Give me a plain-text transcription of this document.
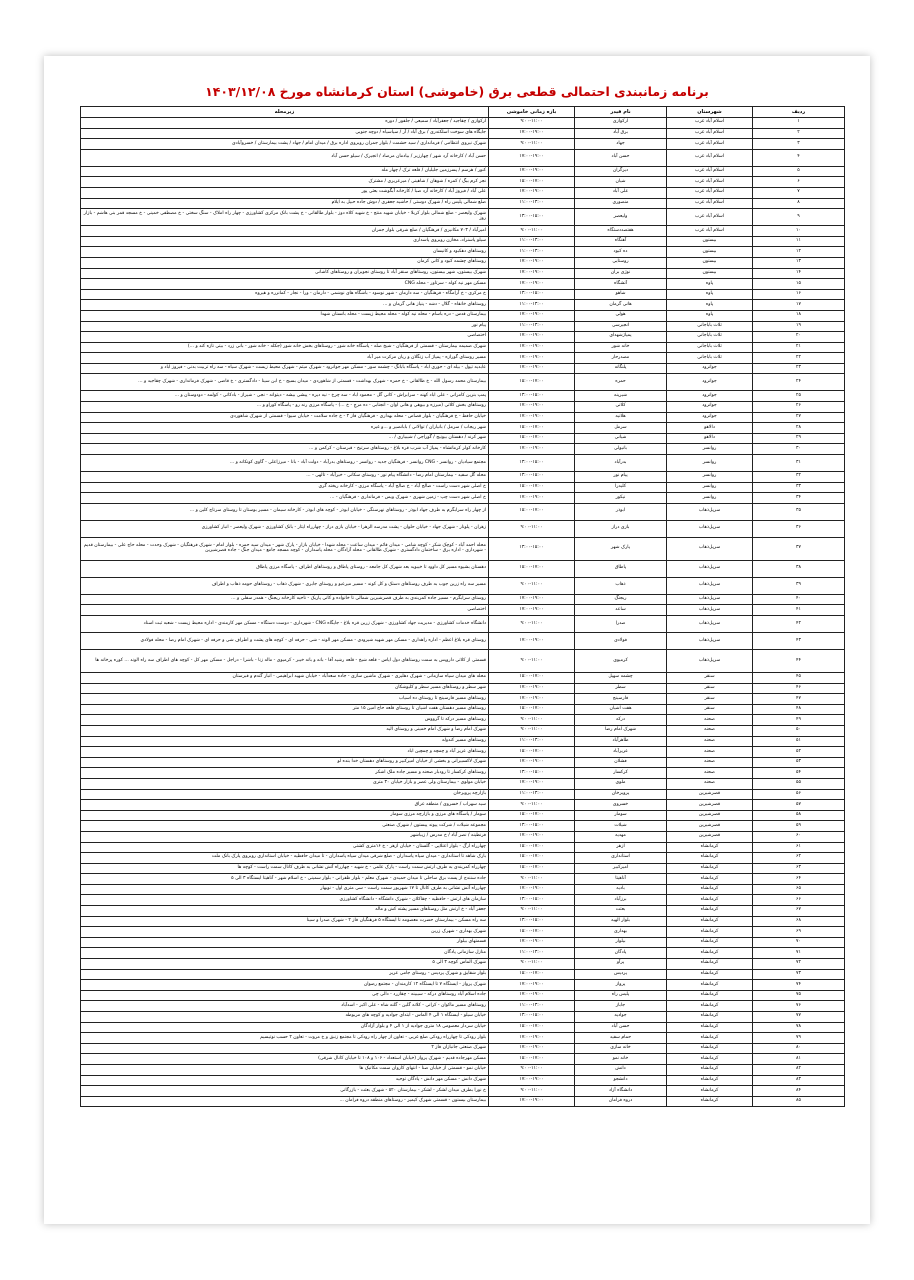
برنامه زمانبندی احتمالی قطعی برق (خاموشی) استان کرمانشاه مورخ ۱۴۰۳/۱۲/۰۸
ردیف	شهرستان	نام فیدر	بازه زمانی خاموشی	زیرمحله
۱	اسلام آباد غرب	ارکوازی	۹:۰۰-۱۱:۰۰	ارکوازی / چقاجید / جعفرآباد / سمیعی / جلفور / دوره
۲	اسلام آباد غرب	برق آباد	۱۷:۰۰-۱۹:۰۰	جایگاه های سوخت اسلکندری / برق آباد / آر / سیاسیاه / دوچه جنوبی
۳	اسلام آباد غرب	جهاد	۹:۰۰-۱۱:۰۰	شهرک نیروی انتظامی / فرمانداری / سید حشمت / بلوار جمران روبروی اداره برق / میدان امام / جهاد / پشت بیمارستان / خسروآبادی
۴	اسلام آباد غرب	حسن آباد	۱۷:۰۰-۱۹:۰۰	حسن آباد / کارخانه آرد شهر / چهارزبر / بیادمان مرصاد / انجیرک / سیلو حسن آباد
۵	اسلام آباد غرب	دیزگران	۱۷:۰۰-۱۹:۰۰	کنور / هرسم / پسرزمین جلیلیان / قلعه ترک / چهار مله
۶	اسلام آباد غرب	شیان	۱۵:۰۰-۱۷:۰۰	نجر کرم بیگ / کمره / شوهان / شاهینی / میرعزیزی / مشترک
۷	اسلام آباد غرب	علی آباد	۱۷:۰۰-۱۹:۰۰	علی آباد / فیروز آباد / کارخانه آرد صبا / کارخانه آبگوشت بعثی پور
۸	اسلام آباد غرب	منصوری	۱۱:۰۰-۱۳:۰۰	ضلع شمالی پلیس راه / شهرک دوستی / حاشیه جعفری / دوش جاده حبیل به ایلام
۹	اسلام آباد غرب	ولیعصر	۱۳:۰۰-۱۵:۰۰	شهرک ولیعصر - ضلع شمالی بلوار کربلا - خیابان شهید منتج - خ شهید کلاه دوز - بلوار طالقانی - خ پشت بانک مرکزی کشاورزی - چهار راه املاک - سنگ سختی - خ مصطفی خمینی - خ مسجد قمر بنی هاشم - بازار روز
۱۰	اسلام آباد غرب	هفتصددستگاه	۹:۰۰-۱۱:۰۰	امیرآباد / ۷۰۳ مکانیزی / فرهنگیان / ضلع شرقی بلوار جمران
۱۱	بیستون	آهنگاه	۱۱:۰۰-۱۳:۰۰	سیلو پاسنراد، مخازن روبروی پاسداری
۱۲	بیستون	ده کبود	۱۱:۰۰-۱۳:۰۰	روستاهای دهکبود و کانیسان
۱۳	بیستون	روستایی	۱۷:۰۰-۱۹:۰۰	روستاهای چشمه کبود و کانی کرمان
۱۴	بیستون	نوژی بران	۱۷:۰۰-۱۹:۰۰	شهرک بیستون، شهر بیستون، روستاهای سنقر آباد تا روستای نجوبران و روستاهای کاشانی
۱۵	پاوه	آتشگاه	۱۷:۰۰-۱۹:۰۰	مسکن مهر نیه کوله - سرتاور - محله CNG
۱۶	پاوه	شاهو	۱۳:۰۰-۱۵:۰۰	خ مرکزی - خ آرامگاه - فرهنگیان - سه دارمان - شهر نوسود - باشگاه های نوشمی - دارمان - ورا - نجار - کمانزره و هیروه
۱۷	پاوه	هانی گرمان	۱۱:۰۰-۱۳:۰۰	روستاهای خانقاه - گلال - دشه - پنیاز هانی گرمان و ...
۱۸	پاوه	هولی	۱۷:۰۰-۱۹:۰۰	بیمارستان قدس - دره باسام - محله نیه کوله - محله محیط زیست - محله بانستان شهدا
۱۹	ثلاث باباجانی	انجیرسی	۱۱:۰۰-۱۳:۰۰	پیام نور
۲۰	ثلاث باباجانی	پمپاژشهدای	۱۷:۰۰-۱۹:۰۰	اختصاصی
۲۱	ثلاث باباجانی	خانه شور	۱۷:۰۰-۱۹:۰۰	شهرک ضمیمه بیمارستان - قسمتی از فرهنگیان - شیخ صله - پاسگاه خانه شور - روستاهای بخش خانه شور (جکله - خانه شور - بانی زرد - بیتی تازه کند و ...)
۲۲	ثلاث باباجانی	مصدرحار	۱۷:۰۰-۱۹:۰۰	مسیر روستای گورازه - پمپاژ آب زنگلان و ریان مرکزت میر آباد
۲۳	جوانرود	پلنگانه	۱۷:۰۰-۱۹:۰۰	عابدیه تپول - بیله ای - حوری اباد - پاسگاه بابانگ - چشمه سور - مسکن مهر جوانرود - شهرک میثم - شهرک محیط زیست - شهرک سیاه - سه راه تربیت بدنی - فیروز اباد و
۲۴	جوانرود	حمزه	۱۵:۰۰-۱۷:۰۰	بیمارستان محمد رسول الله - خ طالقانی - خ حمزه - شهرک بهداشت - قسمتی از شاهوردی - میدان بسیج - خ ابن سینا - دادگستری - خ قاضی - شهرک فرمانداری - شهرک چقاجید و ...
۲۵	جوانرود	شیرینه	۱۳:۰۰-۱۵:۰۰	پمپ بنزین کامرانی - علی اباد کهنه - سرابراش - کانی گل - محمود اباد - سه چرخ - نیه دیره - پیشی بیشه - دیتوانه - نجی - شیراز - بادکاتی - کولمه - دودوستان و ...
۲۶	جوانرود	کلاتی	۱۷:۰۰-۱۹:۰۰	روستاهای بخش کلاتی (میرزه و بیوهی و هانی اوان - انجنابی - ده مرچ - خ ...) - پاسگاه مرزی رنه رو - پاسگاه کوراو و ...
۲۷	جوانرود	هلانیه	۱۷:۰۰-۱۹:۰۰	خیابان حافظ - خ فرهنگیان - بلوار قصاص - محله بهداری - فرهنگیان فاز ۲ - خ جاده سلامت - خیابان سیوا - قسمتی از شهرک شاهوردی
۲۸	دالاهو	سرمل	۱۵:۰۰-۱۷:۰۰	شهر ریجاب / سرمل / بانیاران / توالانی / بابانصیر و ...و غیره
۲۹	دالاهو	شیانی	۱۵:۰۰-۱۷:۰۰	شهر کرند / دهستان بیونیج / گوراجی / شیبیاری / ...
۳۰	روانسر	بانیولی	۱۷:۰۰-۱۹:۰۰	کارخانه کولر کرمانشاه - پمپاژ آب شرب قره بلاغ - روستاهای سرتیخ - قبرستان - کرکمن و ...
۳۱	روانسر	بدرآباد	۱۳:۰۰-۱۵:۰۰	مجتمع سیادیان - روانسر - CNG روانسر - فرهنگیان جدید - روانسر - روستاهای بدرآباد - دولت آباد - بانا - میرزاعلی - گاوی کونکانه و ...
۳۲	روانسر	پیام نور	۱۳:۰۰-۱۵:۰۰	محله گل سفید - بیمارستان امام رضا - دانشگاه پیام نور - روستای سکانی - خیرآباد - تالهی - ...
۳۳	روانسر	کلیدرا	۱۵:۰۰-۱۷:۰۰	خ اصلی شهر دست راست - صالح آباد - خ صالح آباد - پاسگاه مرزی - کارخانه ریخته گری
۳۴	روانسر	نیکور	۱۷:۰۰-۱۹:۰۰	خ اصلی شهر دست چپ - زمین شهری - شهرک ویس - فرمانداری - فرهنگیان - ...
۳۵	سرپل‌ذهاب	ابوذر	۱۵:۰۰-۱۷:۰۰	از چهار راه سرابگرم به طرف جهاد ابوذر - روستاهای نهرسنگی - خیابان ابوذر - کوچه های ابوذر - کارخانه سیمان - مسیر بوستان تا روستای سرتاج کلین و ...
۳۶	سرپل‌ذهاب	بازی دراز	۹:۰۰-۱۱:۰۰	زهران - پلونار - شهرک جهاد - خیابان حلوان - پشت مدرسه الزهرا - خیابان بازی دراز - چهارراه ایثار - بانک کشاورزی - شهرک ولیعصر - انبار کشاورزی
۳۷	سرپل‌ذهاب	پارک شهر	۱۳:۰۰-۱۵:۰۰	محله احمد آباد - کوچک شکر - کوچه شامی - میدان قائم - میدان ساعت - محله شهدا - خیابان بازار - پارک شهر - میدان سید حمزه - بلوار امام - شهرک فرهنگیان - شهرک وحدت - محله حاج علی - بیمارستان قدیم - شهرداری - اداره برق - ساختمان دادگستری - شهرک طالقانی - محله آزادگان - محله پاسداران - کوچه مسجد جامع - میدان جنگ - جاده قصرشیرین
۳۸	سرپل‌ذهاب	پاطاق	۱۵:۰۰-۱۷:۰۰	دهستان بشیوه مسیر کل داوود تا خیبوید بعد شهرک کل جامعه - روستای پاطاق و روستاهای اطراف - پاسگاه مرزی پاطاق
۳۹	سرپل‌ذهاب	ذهاب	۹:۰۰-۱۱:۰۰	مسیر سه راه زرین جوب به طرف روستاهای دستک و کل کوند - مسیر میرعبو و روستای جابری - شهرک ذهاب - روستاهای حومه ذهاب و اطراف
۴۰	سرپل‌ذهاب	ریجنگ	۱۷:۰۰-۱۹:۰۰	روستای سرابگرم - مسیر جاده کمربندی به طرف قصرشیرین شمالی تا خانواده و کانی پاریک - ناحیه کارخانه ریجنگ - همدر سفلی و ...
۴۱	سرپل‌ذهاب	ساعد	۱۷:۰۰-۱۹:۰۰	اختصاصی
۴۲	سرپل‌ذهاب	صدرا	۹:۰۰-۱۱:۰۰	دانشگاه خدمات کشاورزی - مدیریت جهاد کشاورزی - شهرک زرین قره بلاغ - جایگاه CNG - شهرداری - دوست دستگاه - مسکن مهر کارمندی - اداره محیط زیست - شعبه ثبت اسناد
۴۳	سرپل‌ذهاب	فولادی	۱۷:۰۰-۱۹:۰۰	روستای قره بلاغ اعظم - اداره راهداری - مسکن مهر شهید شیرودی - مسکن مهر الوند - شی - حرفه ای - کوچه های پشت و اطراف شی و حرفه ای - شهرک امام رضا - محله فولادی
۴۴	سرپل‌ذهاب	کرمیوی	۹:۰۰-۱۱:۰۰	قسمتی از کلاتی داروپس به سمت روستاهای دول ایاس - قلعه شیخ - قلعه رشید آقا - بانه و بانه خیبر - کرمیوی - ماله زنا - باشرا - دراجل - مسکن مهر کل - کوچه های اطراف سه راه الوند ... کوره پزخانه ها
۴۵	سنقر	چشمه سهیل	۱۵:۰۰-۱۷:۰۰	محله های میدان سپاه سازمانی - شهرک دهلیزی - شهرک ماشین سازی - جاده سعدآباد - خیابان شهید ابراهیمی - انبار گندم و قبرستان
۴۶	سنقر	سطر	۱۷:۰۰-۱۹:۰۰	شهر سطر و روستاهای مسیر سطر و کلیوشکان
۴۷	سنقر	فارسینج	۱۷:۰۰-۱۹:۰۰	روستاهای مسیر فارسینج تا روستای ده اسیاب
۴۸	سنقر	هفت اشیان	۱۵:۰۰-۱۷:۰۰	روستاهای مسیر دهستان هفت اشیان تا روستای قلعه حاج امین ۱۵ متر
۴۹	صحنه	درکه	۹:۰۰-۱۱:۰۰	روستاهای مسیر درکه تا گرووس
۵۰	صحنه	شهرک امام رضا	۹:۰۰-۱۱:۰۰	شهرک امام رضا و شهرک امام خمینی و روستای الیه
۵۱	صحنه	طاهرآباد	۱۱:۰۰-۱۳:۰۰	روستاهای مسیر کندوله
۵۲	صحنه	عزیزآباد	۱۵:۰۰-۱۷:۰۰	روستاهای عزیز آباد و چمچه و چمچین اباد
۵۳	صحنه	فشلان	۱۷:۰۰-۱۹:۰۰	شهرک لاکسبیرانی و بخشی از خیابان امیرکبیر و روستاهای دهستان خدا بنده لو
۵۴	صحنه	کرکسار	۱۳:۰۰-۱۵:۰۰	روستاهای کرکسار تا رودبار صحنه و مسیر جاده ملک اشکر
۵۵	صحنه	ملوی	۱۷:۰۰-۱۹:۰۰	خیابان مولوی - بیمارستان ولی عصر و بازار خیابان ۳۰ متری
۵۶	قصرشیرین	پرویزخان	۱۱:۰۰-۱۳:۰۰	بازارچه پرویزخان
۵۷	قصرشیرین	خسروی	۹:۰۰-۱۱:۰۰	سید سهراب / خسروی / منطقه عراق
۵۸	قصرشیرین	سومار	۱۵:۰۰-۱۷:۰۰	سومار / پاسگاه های مرزی و بازارچه مرزی سومار
۵۹	قصرشیرین	شیلات	۱۳:۰۰-۱۵:۰۰	مجموعه شیلات / شرکت پیوند پیستون / شهرک صنعتی
۶۰	قصرشیرین	مهدیه	۱۷:۰۰-۱۹:۰۰	فرنطینه / نصر آباد / خ مدرس / زیباشهر
۶۱	کرمانشاه	ازهر	۱۵:۰۰-۱۷:۰۰	چهارراه ارگ - بلوار اعتلاپی - گلستان - خیابان ازهر - خ ۱۶متری کشتی
۶۲	کرمانشاه	استانداری	۱۵:۰۰-۱۷:۰۰	بارک شاهد تا استانداری - میدان سپاه پاسداران - ضلع شرقی میدان سپاه پاسداران - تا میدان حافظیه - خیابان استانداری روبروی پارک بانک ملت
۶۳	کرمانشاه	امیرکبیر	۱۵:۰۰-۱۷:۰۰	چهارراه کمربندی به طرف ارتش سمت راست - پارک علمی - خ شهید - چهارراه آتش نشانی به طرف کانال سمت راست - کوچه ها
۶۴	کرمانشاه	آناهیتا	۹:۰۰-۱۱:۰۰	جاده سنندج از پست برق ساحلی تا میدان حمیدی - شهرک معلم - بلوار ظفرانی - بلوار سمینی - خ اسلام شهر - آناهیتا ایستگاه ۳ الی ۵
۶۵	کرمانشاه	بادیه	۱۷:۰۰-۱۹:۰۰	چهارراه آتش نشانی به طرف کانال تا ۱۷ شهریور سمت راست - سی متری اول - نوبهار
۶۶	کرمانشاه	برزآباد	۱۳:۰۰-۱۵:۰۰	سازمان های ارتش - حافظیه - چقاکلان - شهرک دانشگاه - دانشگاه کشاورزی
۶۷	کرمانشاه	بعثت	۹:۰۰-۱۱:۰۰	جعفر آباد - خ ارتش مثل روستاهای مسیر پشته کش و ماله
۶۸	کرمانشاه	بلوار الهیه	۱۳:۰۰-۱۵:۰۰	سه راه مسکن - بیمارستان حضرت معصومه تا ایستگاه ۵ فرهنگیان فاز ۲ - شهرک صدرا و سینا
۶۹	کرمانشاه	بهداری	۱۵:۰۰-۱۷:۰۰	شهرک بهداری - شهرک زرین
۷۰	کرمانشاه	بیلوار	۱۷:۰۰-۱۹:۰۰	قسمتهای بیلوار
۷۱	کرمانشاه	پادگان	۱۱:۰۰-۱۳:۰۰	منازل سازمانی پادگان
۷۲	کرمانشاه	پرآو	۹:۰۰-۱۱:۰۰	شهرک الماس کوچه ۳ الی ۵
۷۳	کرمانشاه	پردیس	۱۵:۰۰-۱۷:۰۰	بلوار شقایق و شهرک پردیس - روستای جامی عزیز
۷۴	کرمانشاه	پرواز	۱۷:۰۰-۱۹:۰۰	شهرک پرواز - ایستگاه ۷ تا ایستگاه ۱۲ کارمندان - مجتمع رضوان
۷۵	کرمانشاه	پلیس راه	۱۷:۰۰-۱۹:۰۰	جاده اسلام آباد روستاهای درکه - سیبینه - چقازرد - دالی چی
۷۶	کرمانشاه	جاباز	۱۱:۰۰-۱۳:۰۰	روستاهای مسیر ماکوان - کرانی - کلانه گلین - گلنه شاه - علی اکبر - اسدآباد
۷۷	کرمانشاه	جوادیه	۱۳:۰۰-۱۵:۰۰	خیابان سیلو - ایستگاه ۱ الی ۴ الماس - ابتدای جوادیه و کوچه های مربوطه
۷۸	کرمانشاه	حسن آباد	۱۵:۰۰-۱۷:۰۰	خیابان سردار معصومی ۱۸ متری جوادیه از ۱ الی ۴ و بلوار آزادگان
۷۹	کرمانشاه	حمام سفید	۱۷:۰۰-۱۹:۰۰	بلوار رودکی تا چهارراه رودکی ضلع غربی - تعاون از چهار راه رودکی تا مجتمع زنبق و خ مروت - تعاون ۲ حسب نوتیسیم
۸۰	کرمانشاه	خانه سازی	۱۷:۰۰-۱۹:۰۰	شهرک صنعتی جانبازان فاز ۲
۸۱	کرمانشاه	خانه نمو	۱۵:۰۰-۱۷:۰۰	مسکن مهرجاده قدیم - شهرک پرواز (خیابان استعداد - ۱۰۶ و ۱۰۸ تا خیابان کانال شرقی)
۸۲	کرمانشاه	دانش	۹:۰۰-۱۱:۰۰	خیابان نمو - قسمتی از خیابان صنا - انتهای کاروان سمت مکانیک ها
۸۳	کرمانشاه	دانشجو	۱۷:۰۰-۱۹:۰۰	شهرک دانش - مسکن مهر دانش - پادگان توحید
۸۴	کرمانشاه	دانشگاه آزاد	۹:۰۰-۱۱:۰۰	خ نورا بطرف میدان لشکر - لشکر - بیمارستان ۵۲۰ - شهرک بعثت - بازرگانی
۸۵	کرمانشاه	دروه فرامان	۱۷:۰۰-۱۹:۰۰	بیمارستان بیستون - قسمتی شهرک کیمیز - روستاهای منطقه دروه فرامان ...
